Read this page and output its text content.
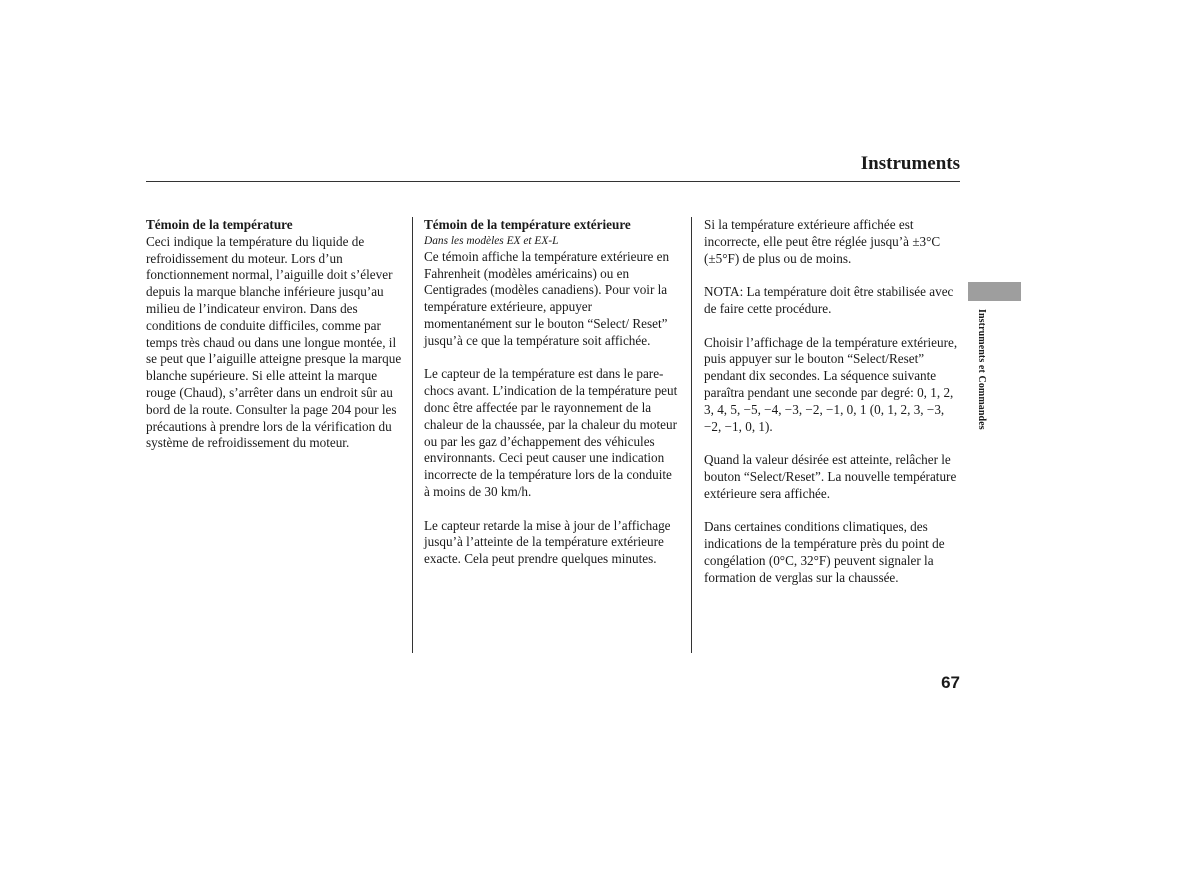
Instruments
Témoin de la température

Ceci indique la température du liquide de refroidissement du moteur. Lors d’un fonctionnement normal, l’aiguille doit s’élever depuis la marque blanche inférieure jusqu’au milieu de l’indicateur environ. Dans des conditions de conduite difficiles, comme par temps très chaud ou dans une longue montée, il se peut que l’aiguille atteigne presque la marque blanche supérieure. Si elle atteint la marque rouge (Chaud), s’arrêter dans un endroit sûr au bord de la route. Consulter la page 204 pour les précautions à prendre lors de la vérification du système de refroidissement du moteur.

Témoin de la température extérieure
Dans les modèles EX et EX-L

Ce témoin affiche la température extérieure en Fahrenheit (modèles américains) ou en Centigrades (modèles canadiens). Pour voir la température extérieure, appuyer momentanément sur le bouton “Select/ Reset” jusqu’à ce que la température soit affichée.

Le capteur de la température est dans le pare-chocs avant. L’indication de la température peut donc être affectée par le rayonnement de la chaleur de la chaussée, par la chaleur du moteur ou par les gaz d’échappement des véhicules environnants. Ceci peut causer une indication incorrecte de la température lors de la conduite à moins de 30 km/h.

Le capteur retarde la mise à jour de l’affichage jusqu’à l’atteinte de la température extérieure exacte. Cela peut prendre quelques minutes.

Si la température extérieure affichée est incorrecte, elle peut être réglée jusqu’à ±3°C (±5°F) de plus ou de moins.

NOTA: La température doit être stabilisée avec de faire cette procédure.

Choisir l’affichage de la température extérieure, puis appuyer sur le bouton “Select/Reset” pendant dix secondes. La séquence suivante paraîtra pendant une seconde par degré: 0, 1, 2, 3, 4, 5, −5, −4, −3, −2, −1, 0, 1 (0, 1, 2, 3, −3, −2, −1, 0, 1).

Quand la valeur désirée est atteinte, relâcher le bouton “Select/Reset”. La nouvelle température extérieure sera affichée.

Dans certaines conditions climatiques, des indications de la température près du point de congélation (0°C, 32°F) peuvent signaler la formation de verglas sur la chaussée.

Instruments et Commandes
67
